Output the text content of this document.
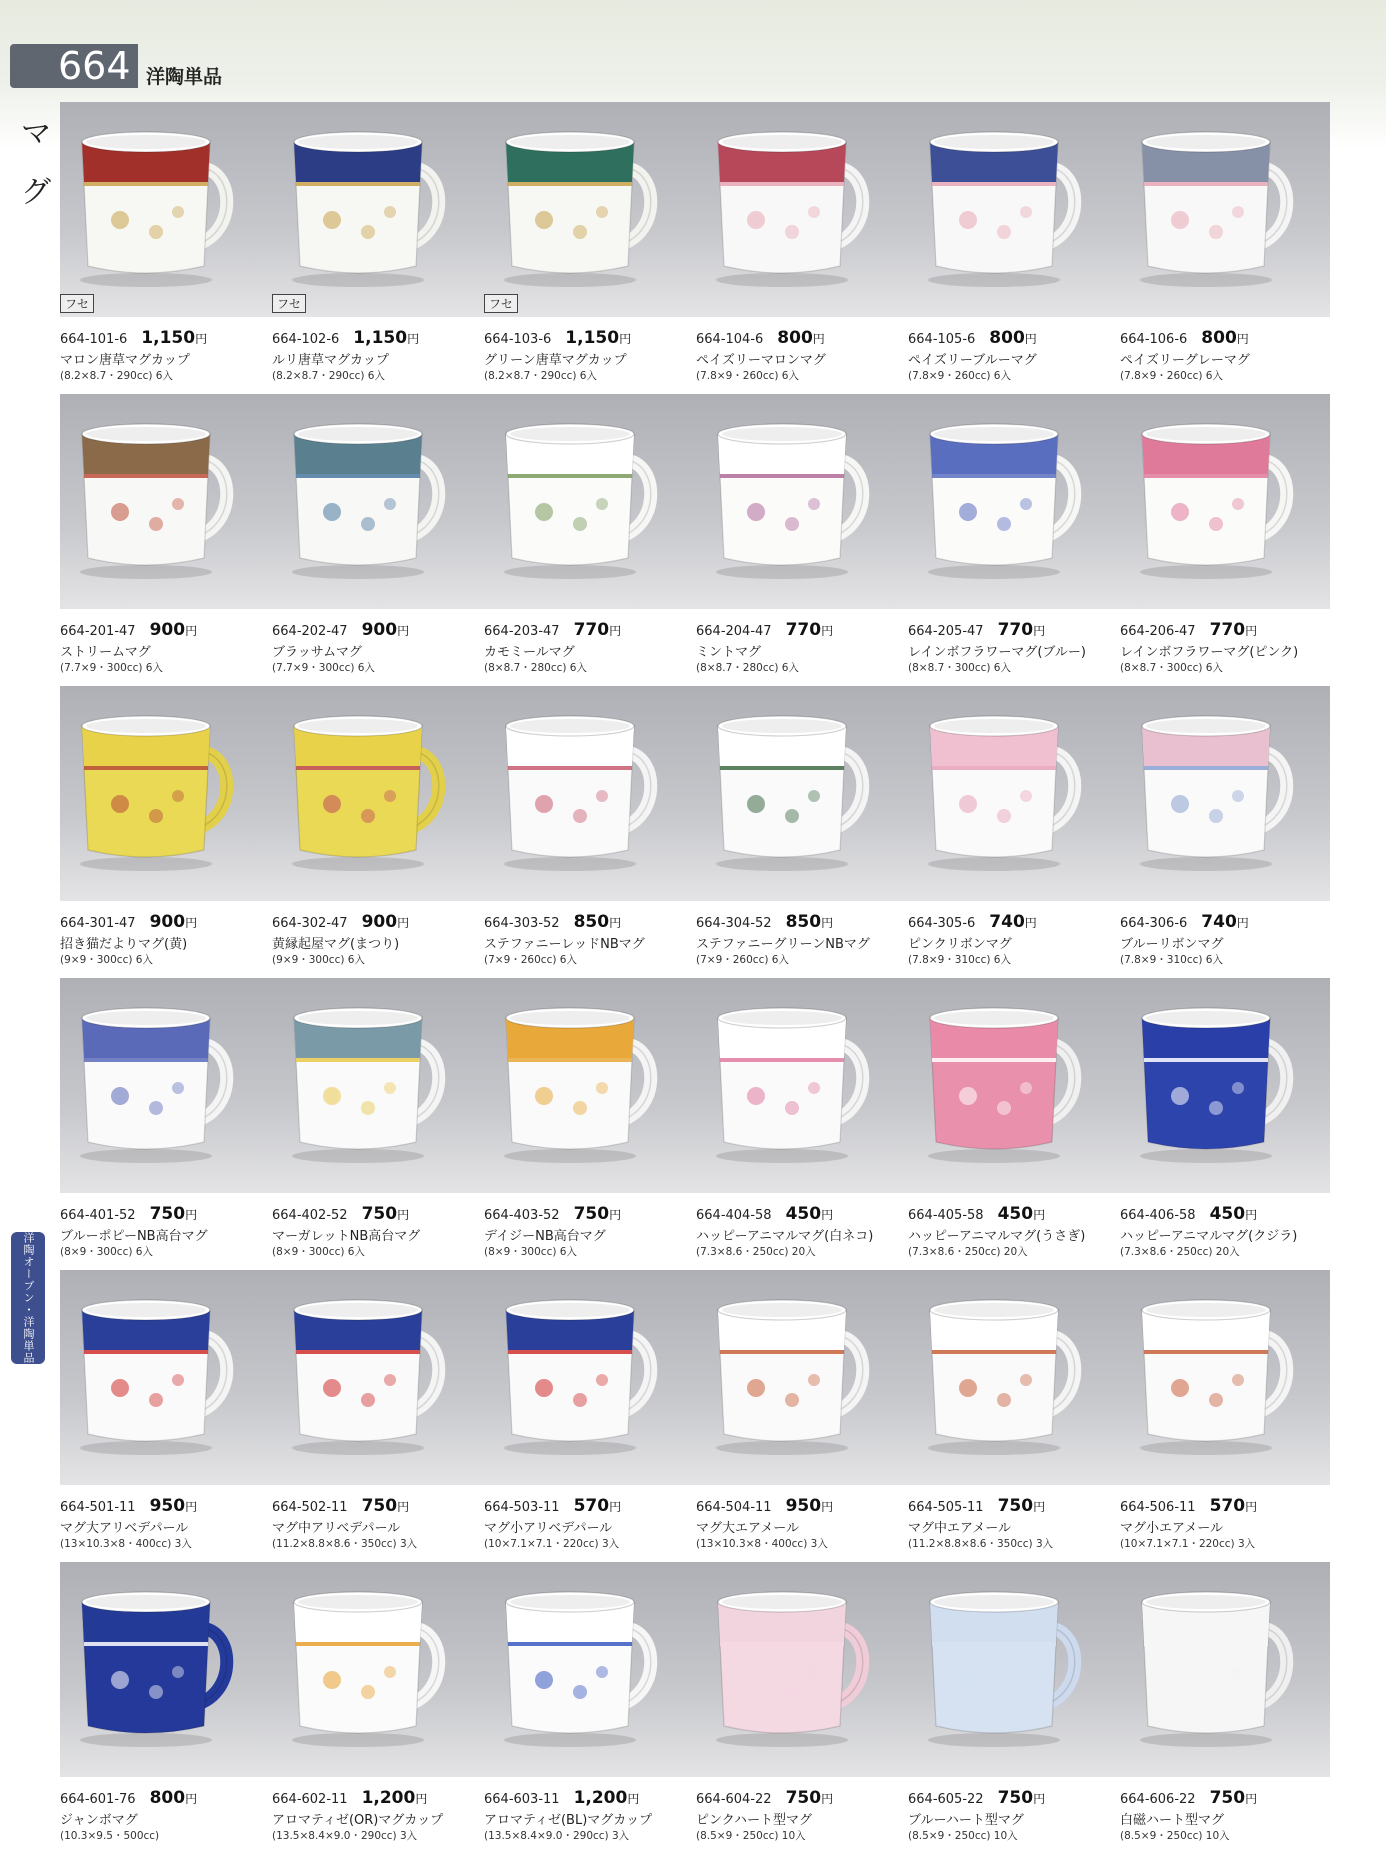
664 洋陶単品
マ
グ
洋陶オーブン・洋陶単品
フセ
664-101-6 1,150円
マロン唐草マグカップ
(8.2×8.7・290cc) 6入
フセ
664-102-6 1,150円
ルリ唐草マグカップ
(8.2×8.7・290cc) 6入
フセ
664-103-6 1,150円
グリーン唐草マグカップ
(8.2×8.7・290cc) 6入
664-104-6 800円
ペイズリーマロンマグ
(7.8×9・260cc) 6入
664-105-6 800円
ペイズリーブルーマグ
(7.8×9・260cc) 6入
664-106-6 800円
ペイズリーグレーマグ
(7.8×9・260cc) 6入
664-201-47 900円
ストリームマグ
(7.7×9・300cc) 6入
664-202-47 900円
ブラッサムマグ
(7.7×9・300cc) 6入
664-203-47 770円
カモミールマグ
(8×8.7・280cc) 6入
664-204-47 770円
ミントマグ
(8×8.7・280cc) 6入
664-205-47 770円
レインボフラワーマグ(ブルー)
(8×8.7・300cc) 6入
664-206-47 770円
レインボフラワーマグ(ピンク)
(8×8.7・300cc) 6入
664-301-47 900円
招き猫だよりマグ(黄)
(9×9・300cc) 6入
664-302-47 900円
黄縁起屋マグ(まつり)
(9×9・300cc) 6入
664-303-52 850円
ステファニーレッドNBマグ
(7×9・260cc) 6入
664-304-52 850円
ステファニーグリーンNBマグ
(7×9・260cc) 6入
664-305-6 740円
ピンクリボンマグ
(7.8×9・310cc) 6入
664-306-6 740円
ブルーリボンマグ
(7.8×9・310cc) 6入
664-401-52 750円
ブルーポピーNB高台マグ
(8×9・300cc) 6入
664-402-52 750円
マーガレットNB高台マグ
(8×9・300cc) 6入
664-403-52 750円
デイジーNB高台マグ
(8×9・300cc) 6入
664-404-58 450円
ハッピーアニマルマグ(白ネコ)
(7.3×8.6・250cc) 20入
664-405-58 450円
ハッピーアニマルマグ(うさぎ)
(7.3×8.6・250cc) 20入
664-406-58 450円
ハッピーアニマルマグ(クジラ)
(7.3×8.6・250cc) 20入
664-501-11 950円
マグ大アリベデパール
(13×10.3×8・400cc) 3入
664-502-11 750円
マグ中アリベデパール
(11.2×8.8×8.6・350cc) 3入
664-503-11 570円
マグ小アリベデパール
(10×7.1×7.1・220cc) 3入
664-504-11 950円
マグ大エアメール
(13×10.3×8・400cc) 3入
664-505-11 750円
マグ中エアメール
(11.2×8.8×8.6・350cc) 3入
664-506-11 570円
マグ小エアメール
(10×7.1×7.1・220cc) 3入
664-601-76 800円
ジャンボマグ
(10.3×9.5・500cc)
664-602-11 1,200円
アロマティゼ(OR)マグカップ
(13.5×8.4×9.0・290cc) 3入
664-603-11 1,200円
アロマティゼ(BL)マグカップ
(13.5×8.4×9.0・290cc) 3入
664-604-22 750円
ピンクハート型マグ
(8.5×9・250cc) 10入
664-605-22 750円
ブルーハート型マグ
(8.5×9・250cc) 10入
664-606-22 750円
白磁ハート型マグ
(8.5×9・250cc) 10入
